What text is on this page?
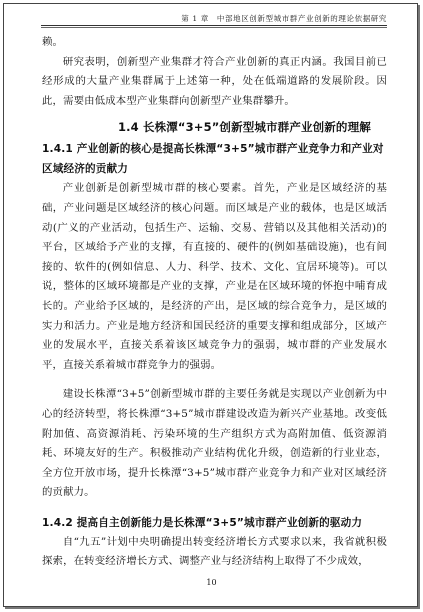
第 1 章　中部地区创新型城市群产业创新的理论依据研究

赖。

研究表明，创新型产业集群才符合产业创新的真正内涵。我国目前已经形成的大量产业集群属于上述第一种，处在低端道路的发展阶段。因此，需要由低成本型产业集群向创新型产业集群攀升。

1.4 长株潭“3+5”创新型城市群产业创新的理解
1.4.1 产业创新的核心是提高长株潭“3+5”城市群产业竞争力和产业对区域经济的贡献力

产业创新是创新型城市群的核心要素。首先，产业是区域经济的基础，产业问题是区域经济的核心问题。而区域是产业的载体，也是区域活动(广义的产业活动，包括生产、运输、交易、营销以及其他相关活动)的平台，区域给予产业的支撑，有直接的、硬件的(例如基础设施)，也有间接的、软件的(例如信息、人力、科学、技术、文化、宜居环境等)。可以说，整体的区域环境都是产业的支撑，产业是在区域环境的怀抱中哺育成长的。产业给予区域的，是经济的产出，是区域的综合竞争力，是区域的实力和活力。产业是地方经济和国民经济的重要支撑和组成部分，区域产业的发展水平，直接关系着该区域竞争力的强弱，城市群的产业发展水平，直接关系着城市群竞争力的强弱。

建设长株潭“3+5”创新型城市群的主要任务就是实现以产业创新为中心的经济转型，将长株潭“3+5”城市群建设改造为新兴产业基地。改变低附加值、高资源消耗、污染环境的生产组织方式为高附加值、低资源消耗、环境友好的生产。积极推动产业结构优化升级，创造新的行业业态，全方位开放市场，提升长株潭“3+5”城市群产业竞争力和产业对区域经济的贡献力。

1.4.2 提高自主创新能力是长株潭“3+5”城市群产业创新的驱动力

自“九五”计划中央明确提出转变经济增长方式要求以来，我省就积极探索，在转变经济增长方式、调整产业与经济结构上取得了不少成效，

10
